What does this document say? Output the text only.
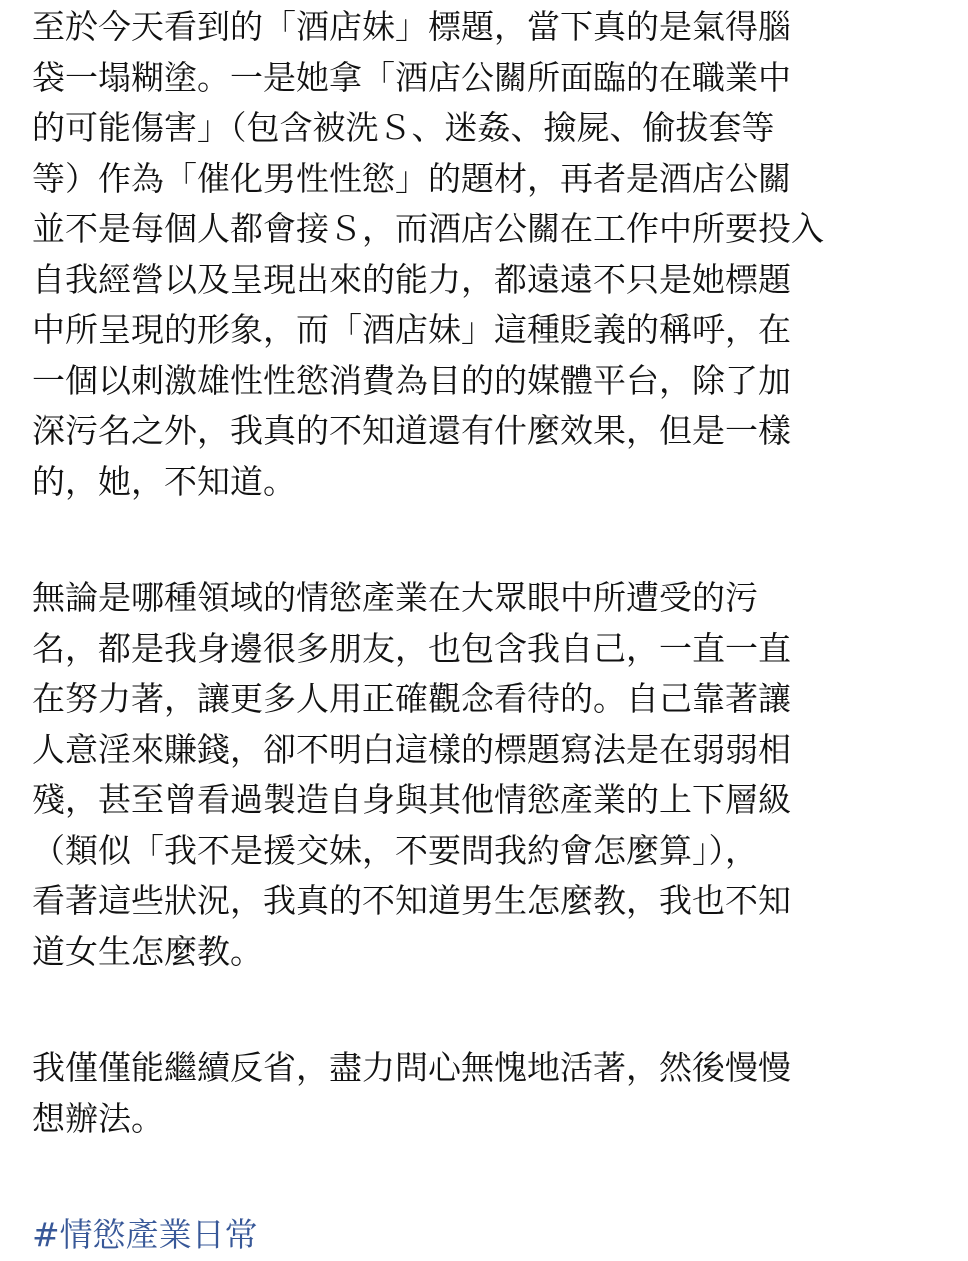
至於今天看到的「酒店妹」標題，當下真的是氣得腦
袋一塌糊塗。一是她拿「酒店公關所面臨的在職業中
的可能傷害」（包含被洗Ｓ、迷姦、撿屍、偷拔套等
等）作為「催化男性性慾」的題材，再者是酒店公關
並不是每個人都會接Ｓ，而酒店公關在工作中所要投入
自我經營以及呈現出來的能力，都遠遠不只是她標題
中所呈現的形象，而「酒店妹」這種貶義的稱呼，在
一個以刺激雄性性慾消費為目的的媒體平台，除了加
深污名之外，我真的不知道還有什麼效果，但是一樣
的，她，不知道。
無論是哪種領域的情慾產業在大眾眼中所遭受的污
名，都是我身邊很多朋友，也包含我自己，一直一直
在努力著，讓更多人用正確觀念看待的。自己靠著讓
人意淫來賺錢，卻不明白這樣的標題寫法是在弱弱相
殘，甚至曾看過製造自身與其他情慾產業的上下層級
（類似「我不是援交妹，不要問我約會怎麼算」），
看著這些狀況，我真的不知道男生怎麼教，我也不知
道女生怎麼教。
我僅僅能繼續反省，盡力問心無愧地活著，然後慢慢
想辦法。
#情慾產業日常
